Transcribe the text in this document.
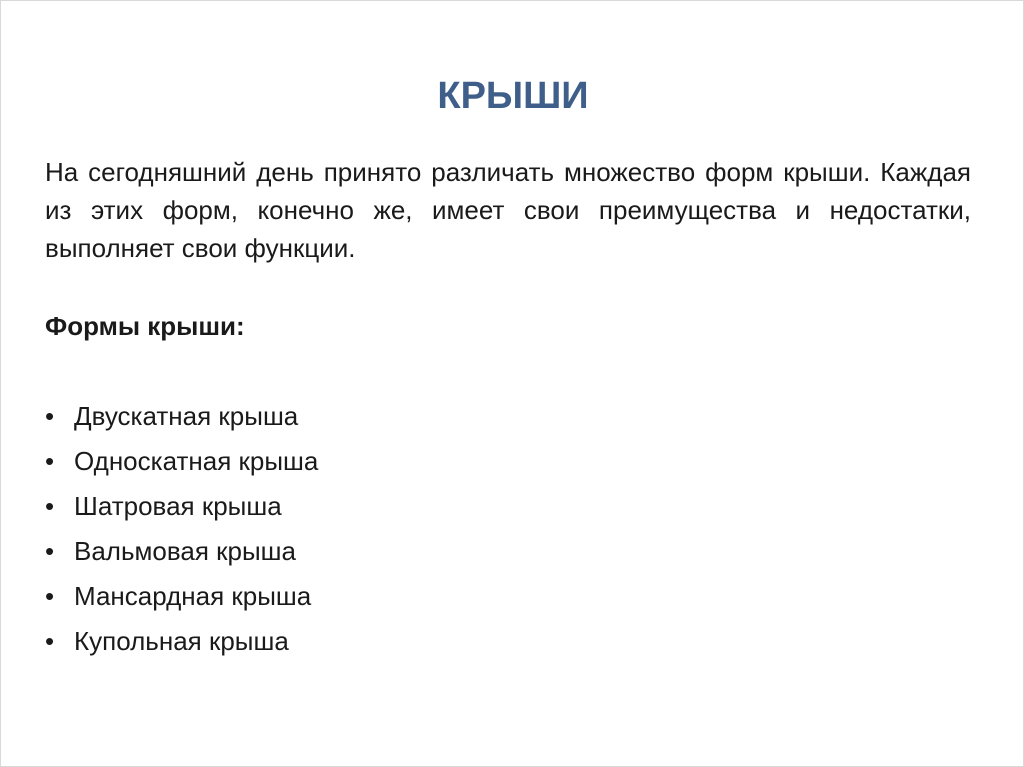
КРЫШИ

На сегодняшний день принято различать множество форм крыши. Каждая из этих форм, конечно же, имеет свои преимущества и недостатки, выполняет свои функции.

Формы крыши:

• Двускатная крыша
• Односкатная крыша
• Шатровая крыша
• Вальмовая крыша
• Мансардная крыша
• Купольная крыша
